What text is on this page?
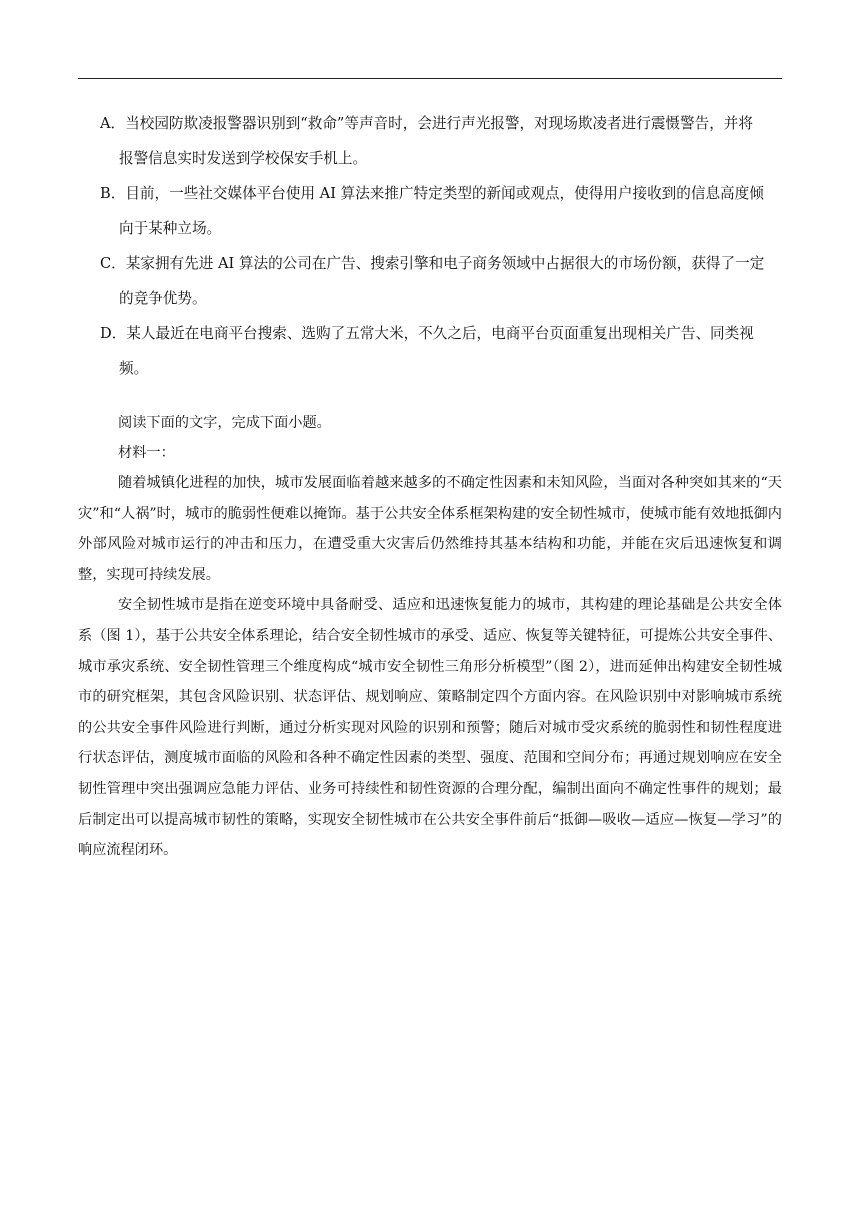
A．当校园防欺凌报警器识别到“救命”等声音时，会进行声光报警，对现场欺凌者进行震慑警告，并将
报警信息实时发送到学校保安手机上。

B．目前，一些社交媒体平台使用 AI 算法来推广特定类型的新闻或观点，使得用户接收到的信息高度倾
向于某种立场。

C．某家拥有先进 AI 算法的公司在广告、搜索引擎和电子商务领域中占据很大的市场份额，获得了一定
的竞争优势。

D．某人最近在电商平台搜索、选购了五常大米，不久之后，电商平台页面重复出现相关广告、同类视
频。

阅读下面的文字，完成下面小题。

材料一：

随着城镇化进程的加快，城市发展面临着越来越多的不确定性因素和未知风险，当面对各种突如其来的“天灾”和“人祸”时，城市的脆弱性便难以掩饰。基于公共安全体系框架构建的安全韧性城市，使城市能有效地抵御内外部风险对城市运行的冲击和压力，在遭受重大灾害后仍然维持其基本结构和功能，并能在灾后迅速恢复和调整，实现可持续发展。

安全韧性城市是指在逆变环境中具备耐受、适应和迅速恢复能力的城市，其构建的理论基础是公共安全体系（图 1），基于公共安全体系理论，结合安全韧性城市的承受、适应、恢复等关键特征，可提炼公共安全事件、城市承灾系统、安全韧性管理三个维度构成“城市安全韧性三角形分析模型”（图 2），进而延伸出构建安全韧性城市的研究框架，其包含风险识别、状态评估、规划响应、策略制定四个方面内容。在风险识别中对影响城市系统的公共安全事件风险进行判断，通过分析实现对风险的识别和预警；随后对城市受灾系统的脆弱性和韧性程度进行状态评估，测度城市面临的风险和各种不确定性因素的类型、强度、范围和空间分布；再通过规划响应在安全韧性管理中突出强调应急能力评估、业务可持续性和韧性资源的合理分配，编制出面向不确定性事件的规划；最后制定出可以提高城市韧性的策略，实现安全韧性城市在公共安全事件前后“抵御—吸收—适应—恢复—学习”的响应流程闭环。
